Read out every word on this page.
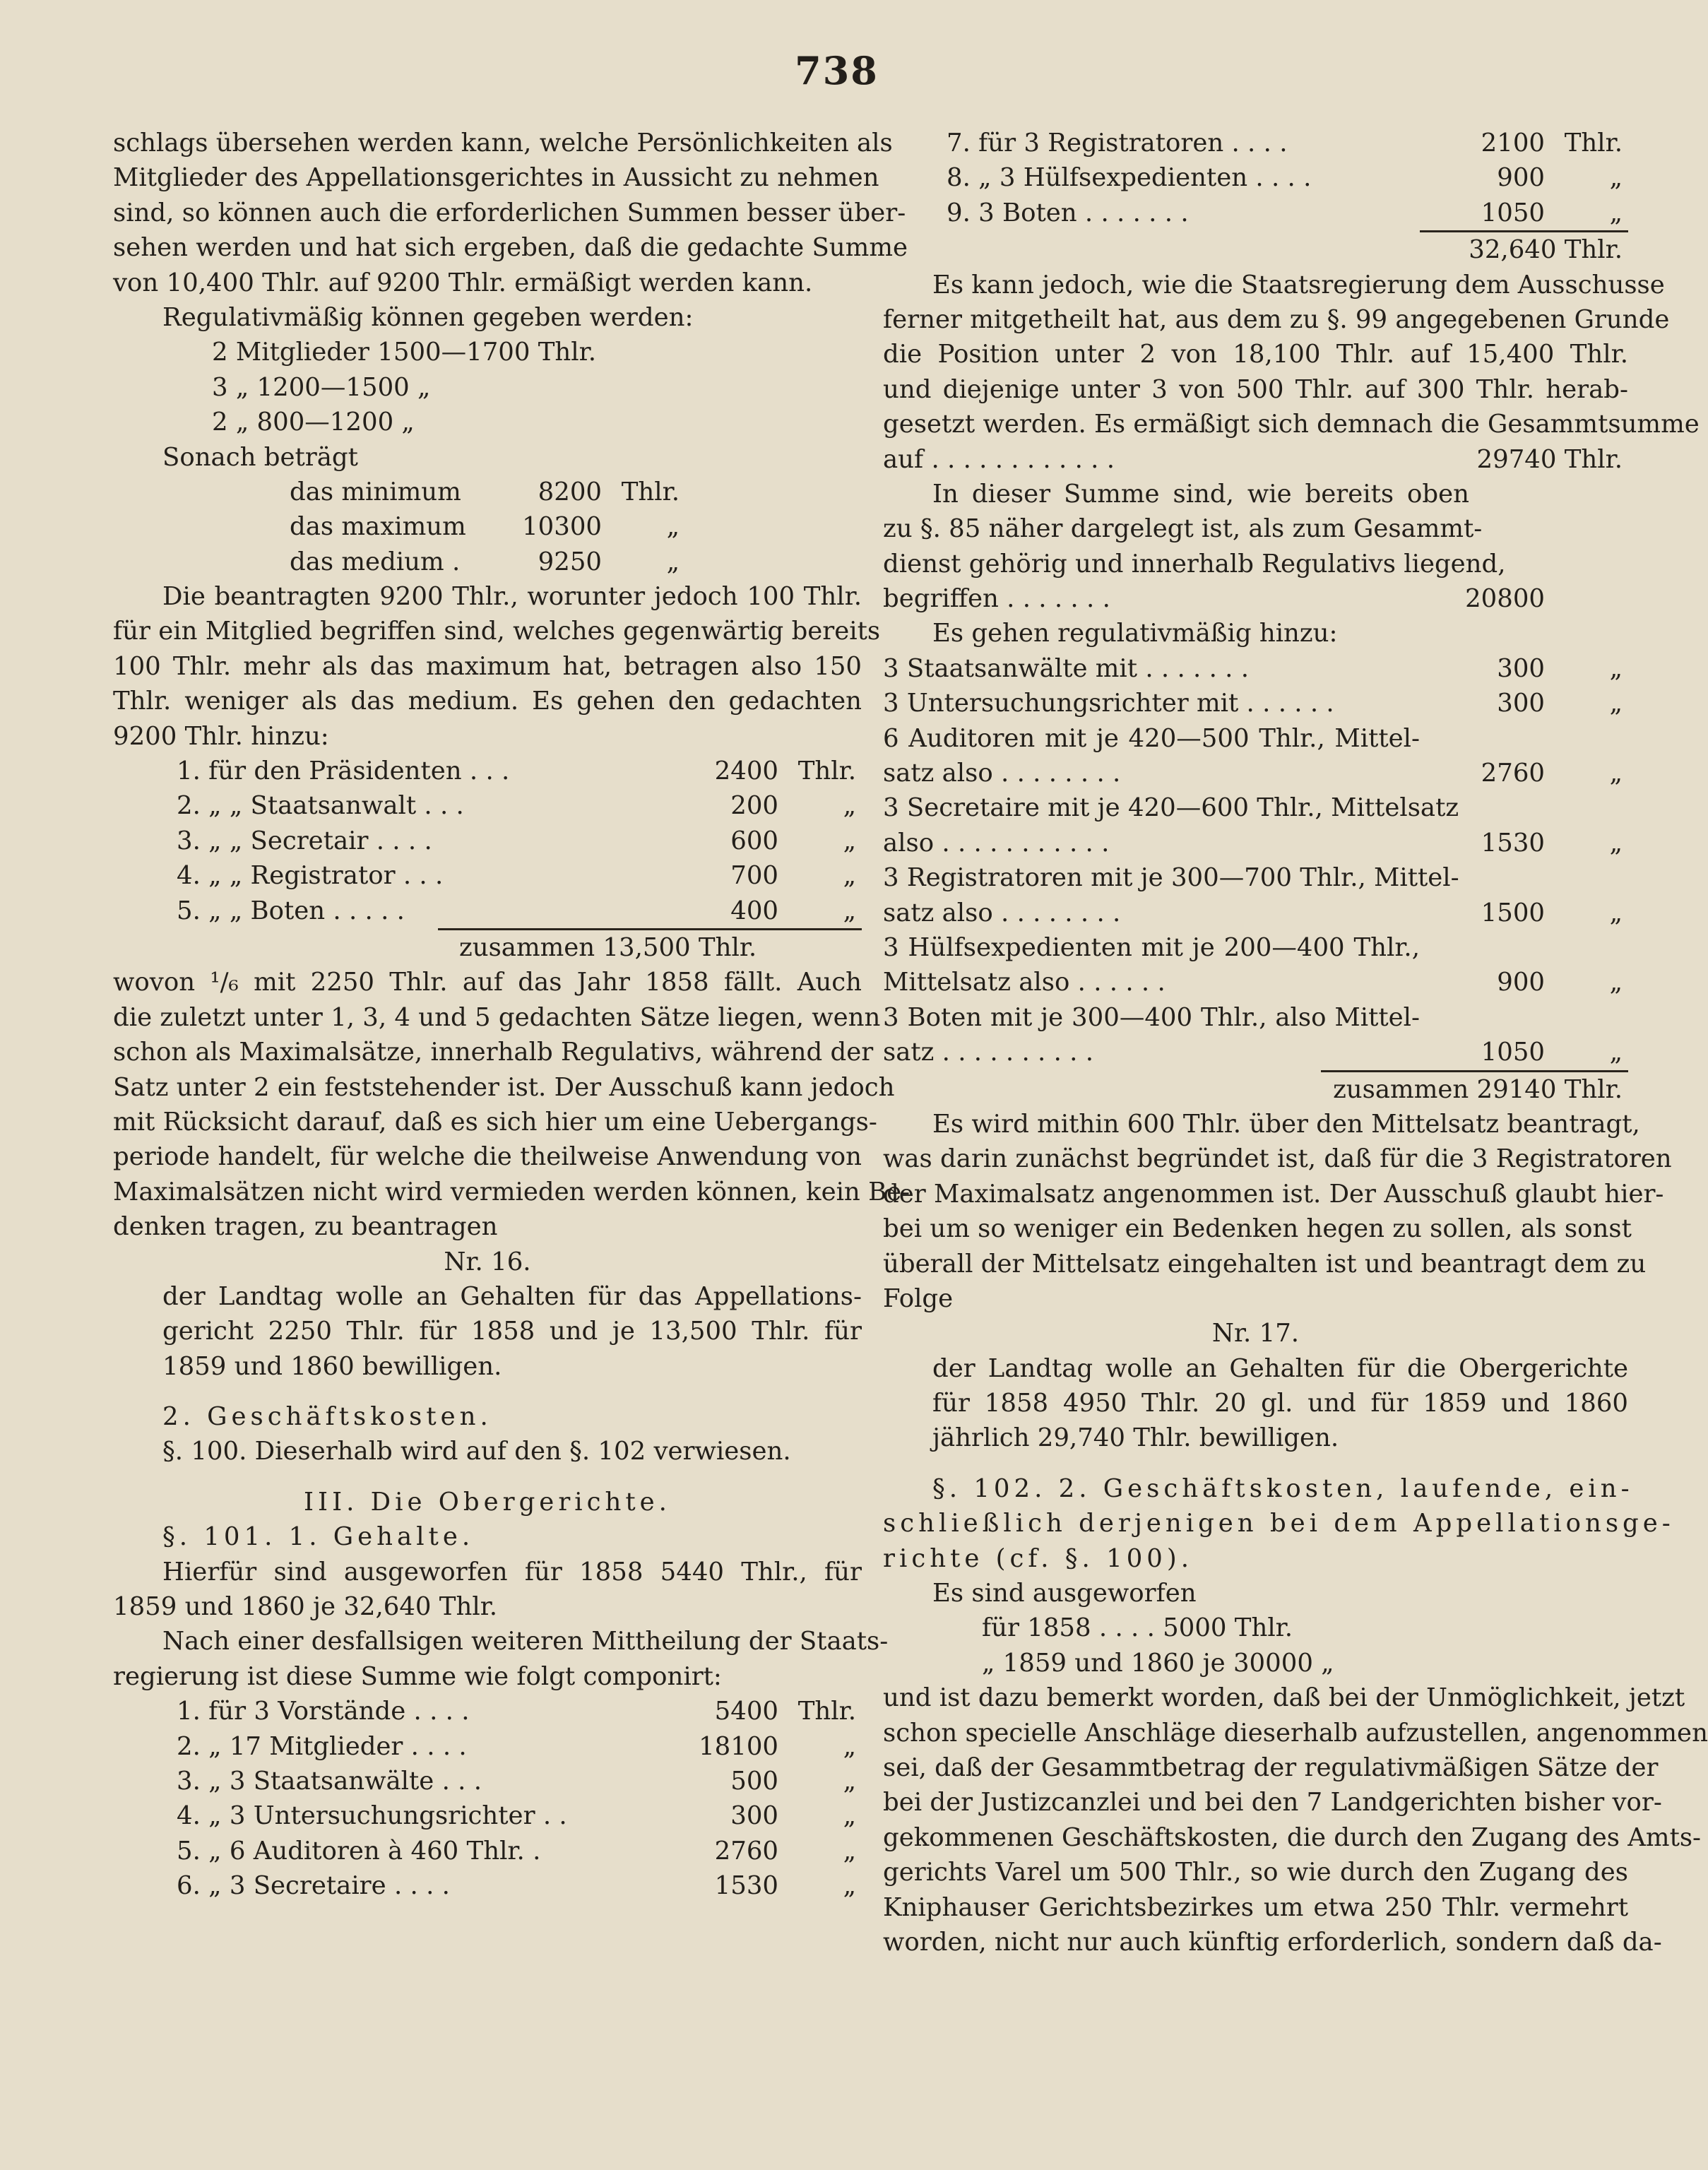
738
schlags übersehen werden kann, welche Persönlichkeiten als
Mitglieder des Appellationsgerichtes in Aussicht zu nehmen
sind, so können auch die erforderlichen Summen besser über-
sehen werden und hat sich ergeben, daß die gedachte Summe
von 10,400 Thlr. auf 9200 Thlr. ermäßigt werden kann.
Regulativmäßig können gegeben werden:
2 Mitglieder 1500—1700 Thlr.
3 „ 1200—1500 „
2 „ 800—1200 „
Sonach beträgt
das minimum	8200 Thlr.
das maximum	10300	„
das medium .	9250	„
Die beantragten 9200 Thlr., worunter jedoch 100 Thlr.
für ein Mitglied begriffen sind, welches gegenwärtig bereits
100 Thlr. mehr als das maximum hat, betragen also 150
Thlr. weniger als das medium. Es gehen den gedachten
9200 Thlr. hinzu:
1. für den Präsidenten . . .	2400 Thlr.
2. „ „ Staatsanwalt . . .	200	„
3. „ „ Secretair . . . .	600	„
4. „ „ Registrator . . .	700	„
5. „ „ Boten . . . . .	400	„
zusammen 13,500 Thlr.
wovon ¹/₆ mit 2250 Thlr. auf das Jahr 1858 fällt. Auch
die zuletzt unter 1, 3, 4 und 5 gedachten Sätze liegen, wenn
schon als Maximalsätze, innerhalb Regulativs, während der
Satz unter 2 ein feststehender ist. Der Ausschuß kann jedoch
mit Rücksicht darauf, daß es sich hier um eine Uebergangs-
periode handelt, für welche die theilweise Anwendung von
Maximalsätzen nicht wird vermieden werden können, kein Be-
denken tragen, zu beantragen
Nr. 16.
der Landtag wolle an Gehalten für das Appellations-
gericht 2250 Thlr. für 1858 und je 13,500 Thlr. für
1859 und 1860 bewilligen.
2. Geschäftskosten.
§. 100. Dieserhalb wird auf den §. 102 verwiesen.
III. Die Obergerichte.
§. 101. 1. Gehalte.
Hierfür sind ausgeworfen für 1858 5440 Thlr., für
1859 und 1860 je 32,640 Thlr.
Nach einer desfallsigen weiteren Mittheilung der Staats-
regierung ist diese Summe wie folgt componirt:
1. für 3 Vorstände . . . .	5400 Thlr.
2. „ 17 Mitglieder . . . .	18100	„
3. „ 3 Staatsanwälte . . .	500	„
4. „ 3 Untersuchungsrichter . .	300	„
5. „ 6 Auditoren à 460 Thlr. .	2760	„
6. „ 3 Secretaire . . . .	1530	„
7. für 3 Registratoren . . . .	2100 Thlr.
8. „ 3 Hülfsexpedienten . . . .	900	„
9. 3 Boten . . . . . . .	1050	„
32,640 Thlr.
Es kann jedoch, wie die Staatsregierung dem Ausschusse
ferner mitgetheilt hat, aus dem zu §. 99 angegebenen Grunde
die Position unter 2 von 18,100 Thlr. auf 15,400 Thlr.
und diejenige unter 3 von 500 Thlr. auf 300 Thlr. herab-
gesetzt werden. Es ermäßigt sich demnach die Gesammtsumme
auf . . . . . . . . . . . .	29740 Thlr.
In dieser Summe sind, wie bereits oben
zu §. 85 näher dargelegt ist, als zum Gesammt-
dienst gehörig und innerhalb Regulativs liegend,
begriffen . . . . . . .	20800
Es gehen regulativmäßig hinzu:
3 Staatsanwälte mit . . . . . . .	300	„
3 Untersuchungsrichter mit . . . . . .	300	„
6 Auditoren mit je 420—500 Thlr., Mittel-
satz also . . . . . . . .	2760	„
3 Secretaire mit je 420—600 Thlr., Mittelsatz
also . . . . . . . . . . .	1530	„
3 Registratoren mit je 300—700 Thlr., Mittel-
satz also . . . . . . . .	1500	„
3 Hülfsexpedienten mit je 200—400 Thlr.,
Mittelsatz also . . . . . .	900	„
3 Boten mit je 300—400 Thlr., also Mittel-
satz . . . . . . . . . .	1050	„
zusammen 29140 Thlr.
Es wird mithin 600 Thlr. über den Mittelsatz beantragt,
was darin zunächst begründet ist, daß für die 3 Registratoren
der Maximalsatz angenommen ist. Der Ausschuß glaubt hier-
bei um so weniger ein Bedenken hegen zu sollen, als sonst
überall der Mittelsatz eingehalten ist und beantragt dem zu
Folge
Nr. 17.
der Landtag wolle an Gehalten für die Obergerichte
für 1858 4950 Thlr. 20 gl. und für 1859 und 1860
jährlich 29,740 Thlr. bewilligen.
§. 102. 2. Geschäftskosten, laufende, ein-
schließlich derjenigen bei dem Appellationsge-
richte (cf. §. 100).
Es sind ausgeworfen
für 1858 . . . . 5000 Thlr.
„ 1859 und 1860 je 30000 „
und ist dazu bemerkt worden, daß bei der Unmöglichkeit, jetzt
schon specielle Anschläge dieserhalb aufzustellen, angenommen
sei, daß der Gesammtbetrag der regulativmäßigen Sätze der
bei der Justizcanzlei und bei den 7 Landgerichten bisher vor-
gekommenen Geschäftskosten, die durch den Zugang des Amts-
gerichts Varel um 500 Thlr., so wie durch den Zugang des
Kniphauser Gerichtsbezirkes um etwa 250 Thlr. vermehrt
worden, nicht nur auch künftig erforderlich, sondern daß da-
